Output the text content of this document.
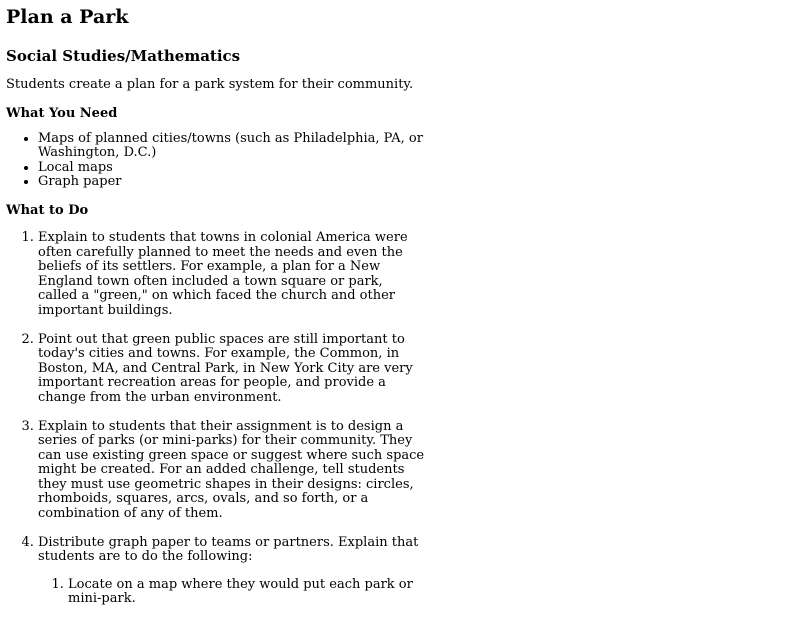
Plan a Park
Social Studies/Mathematics

Students create a plan for a park system for their community.

What You Need
• Maps of planned cities/towns (such as Philadelphia, PA, or Washington, D.C.)
• Local maps
• Graph paper
What to Do
1. Explain to students that towns in colonial America were often carefully planned to meet the needs and even the beliefs of its settlers. For example, a plan for a New England town often included a town square or park, called a "green," on which faced the church and other important buildings.
2. Point out that green public spaces are still important to today's cities and towns. For example, the Common, in Boston, MA, and Central Park, in New York City are very important recreation areas for people, and provide a change from the urban environment.
3. Explain to students that their assignment is to design a series of parks (or mini-parks) for their community. They can use existing green space or suggest where such space might be created. For an added challenge, tell students they must use geometric shapes in their designs: circles, rhomboids, squares, arcs, ovals, and so forth, or a combination of any of them.
4. Distribute graph paper to teams or partners. Explain that students are to do the following:
1. Locate on a map where they would put each park or mini-park.
